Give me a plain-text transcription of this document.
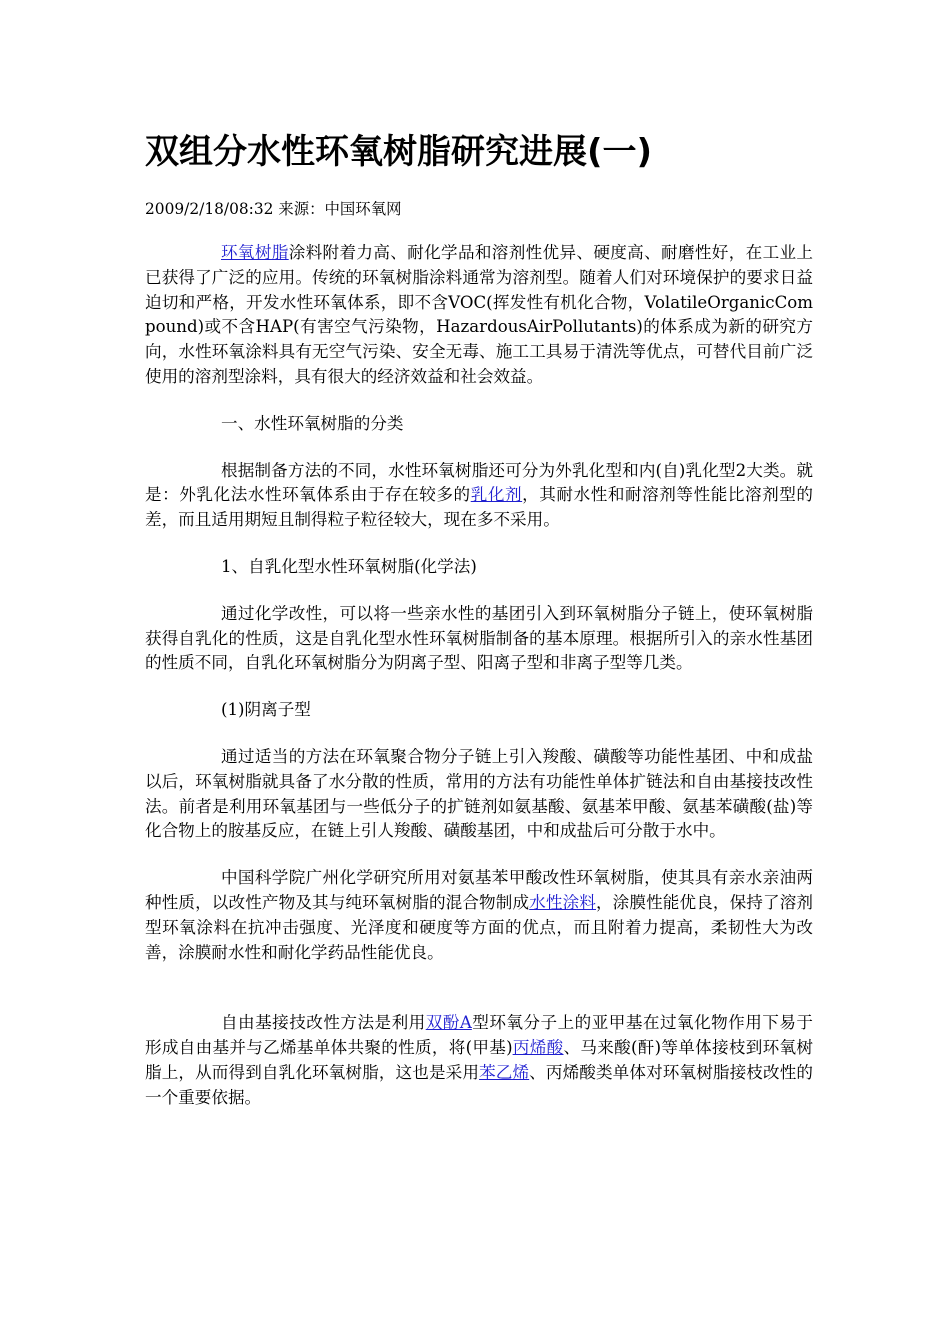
双组分水性环氧树脂研究进展(一)
2009/2/18/08:32 来源：中国环氧网

环氧树脂涂料附着力高、耐化学品和溶剂性优异、硬度高、耐磨性好，在工业上已获得了广泛的应用。传统的环氧树脂涂料通常为溶剂型。随着人们对环境保护的要求日益迫切和严格，开发水性环氧体系，即不含VOC(挥发性有机化合物，VolatileOrganicCompound)或不含HAP(有害空气污染物，HazardousAirPollutants)的体系成为新的研究方向，水性环氧涂料具有无空气污染、安全无毒、施工工具易于清洗等优点，可替代目前广泛使用的溶剂型涂料，具有很大的经济效益和社会效益。

一、水性环氧树脂的分类

根据制备方法的不同，水性环氧树脂还可分为外乳化型和内(自)乳化型2大类。就是：外乳化法水性环氧体系由于存在较多的乳化剂，其耐水性和耐溶剂等性能比溶剂型的差，而且适用期短且制得粒子粒径较大，现在多不采用。

1、自乳化型水性环氧树脂(化学法)

通过化学改性，可以将一些亲水性的基团引入到环氧树脂分子链上，使环氧树脂获得自乳化的性质，这是自乳化型水性环氧树脂制备的基本原理。根据所引入的亲水性基团的性质不同，自乳化环氧树脂分为阴离子型、阳离子型和非离子型等几类。

(1)阴离子型

通过适当的方法在环氧聚合物分子链上引入羧酸、磺酸等功能性基团、中和成盐以后，环氧树脂就具备了水分散的性质，常用的方法有功能性单体扩链法和自由基接技改性法。前者是利用环氧基团与一些低分子的扩链剂如氨基酸、氨基苯甲酸、氨基苯磺酸(盐)等化合物上的胺基反应，在链上引人羧酸、磺酸基团，中和成盐后可分散于水中。

中国科学院广州化学研究所用对氨基苯甲酸改性环氧树脂，使其具有亲水亲油两种性质，以改性产物及其与纯环氧树脂的混合物制成水性涂料，涂膜性能优良，保持了溶剂型环氧涂料在抗冲击强度、光泽度和硬度等方面的优点，而且附着力提高，柔韧性大为改善，涂膜耐水性和耐化学药品性能优良。

自由基接技改性方法是利用双酚A型环氧分子上的亚甲基在过氧化物作用下易于形成自由基并与乙烯基单体共聚的性质，将(甲基)丙烯酸、马来酸(酐)等单体接枝到环氧树脂上，从而得到自乳化环氧树脂，这也是采用苯乙烯、丙烯酸类单体对环氧树脂接枝改性的一个重要依据。
